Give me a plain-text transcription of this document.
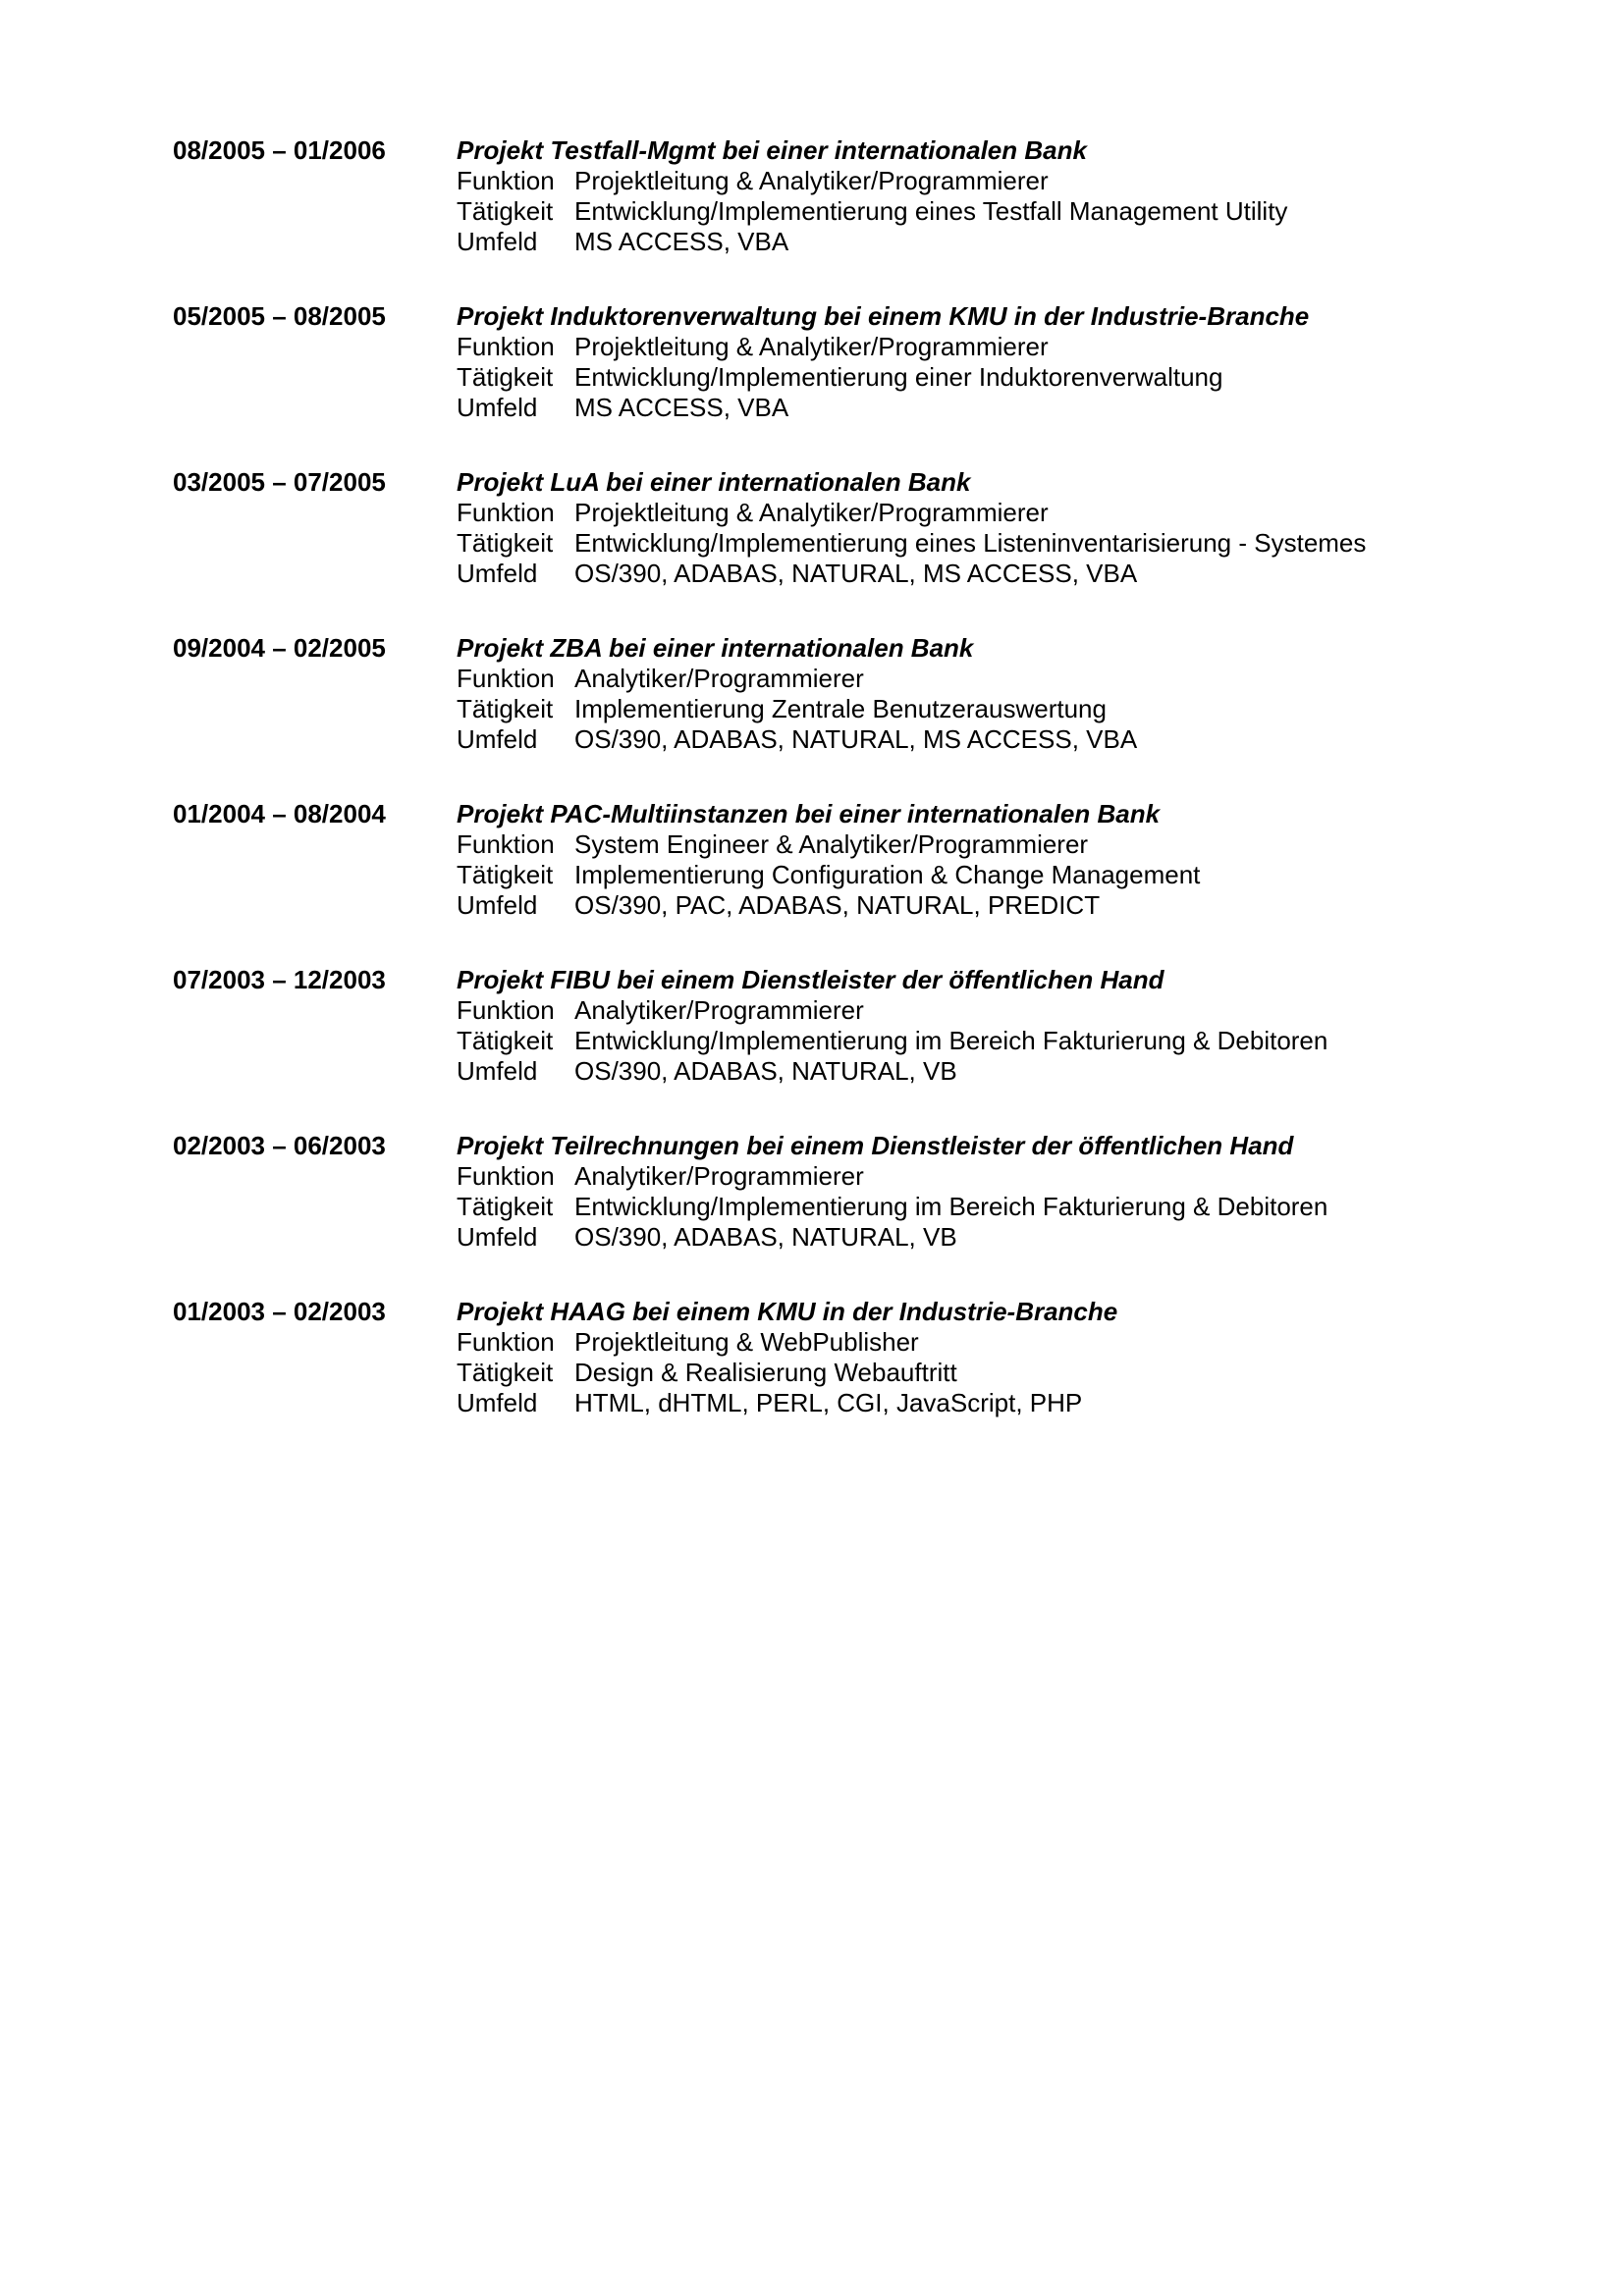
08/2005 – 01/2006	Projekt Testfall-Mgmt bei einer internationalen Bank
Funktion Projektleitung & Analytiker/Programmierer
Tätigkeit Entwicklung/Implementierung eines Testfall Management Utility
Umfeld	MS ACCESS, VBA
05/2005 – 08/2005	Projekt Induktorenverwaltung bei einem KMU in der Industrie-Branche
Funktion Projektleitung & Analytiker/Programmierer
Tätigkeit Entwicklung/Implementierung einer Induktorenverwaltung
Umfeld	MS ACCESS, VBA
03/2005 – 07/2005	Projekt LuA bei einer internationalen Bank
Funktion Projektleitung & Analytiker/Programmierer
Tätigkeit Entwicklung/Implementierung eines Listeninventarisierung - Systemes
Umfeld	OS/390, ADABAS, NATURAL, MS ACCESS, VBA
09/2004 – 02/2005	Projekt ZBA bei einer internationalen Bank
Funktion Analytiker/Programmierer
Tätigkeit Implementierung Zentrale Benutzerauswertung
Umfeld	OS/390, ADABAS, NATURAL, MS ACCESS, VBA
01/2004 – 08/2004	Projekt PAC-Multiinstanzen bei einer internationalen Bank
Funktion System Engineer & Analytiker/Programmierer
Tätigkeit Implementierung Configuration & Change Management
Umfeld	OS/390, PAC, ADABAS, NATURAL, PREDICT
07/2003 – 12/2003	Projekt FIBU bei einem Dienstleister der öffentlichen Hand
Funktion Analytiker/Programmierer
Tätigkeit Entwicklung/Implementierung im Bereich Fakturierung & Debitoren
Umfeld	OS/390, ADABAS, NATURAL, VB
02/2003 – 06/2003	Projekt Teilrechnungen bei einem Dienstleister der öffentlichen Hand
Funktion Analytiker/Programmierer
Tätigkeit Entwicklung/Implementierung im Bereich Fakturierung & Debitoren
Umfeld	OS/390, ADABAS, NATURAL, VB
01/2003 – 02/2003	Projekt HAAG bei einem KMU in der Industrie-Branche
Funktion Projektleitung & WebPublisher
Tätigkeit Design & Realisierung Webauftritt
Umfeld	HTML, dHTML, PERL, CGI, JavaScript, PHP
